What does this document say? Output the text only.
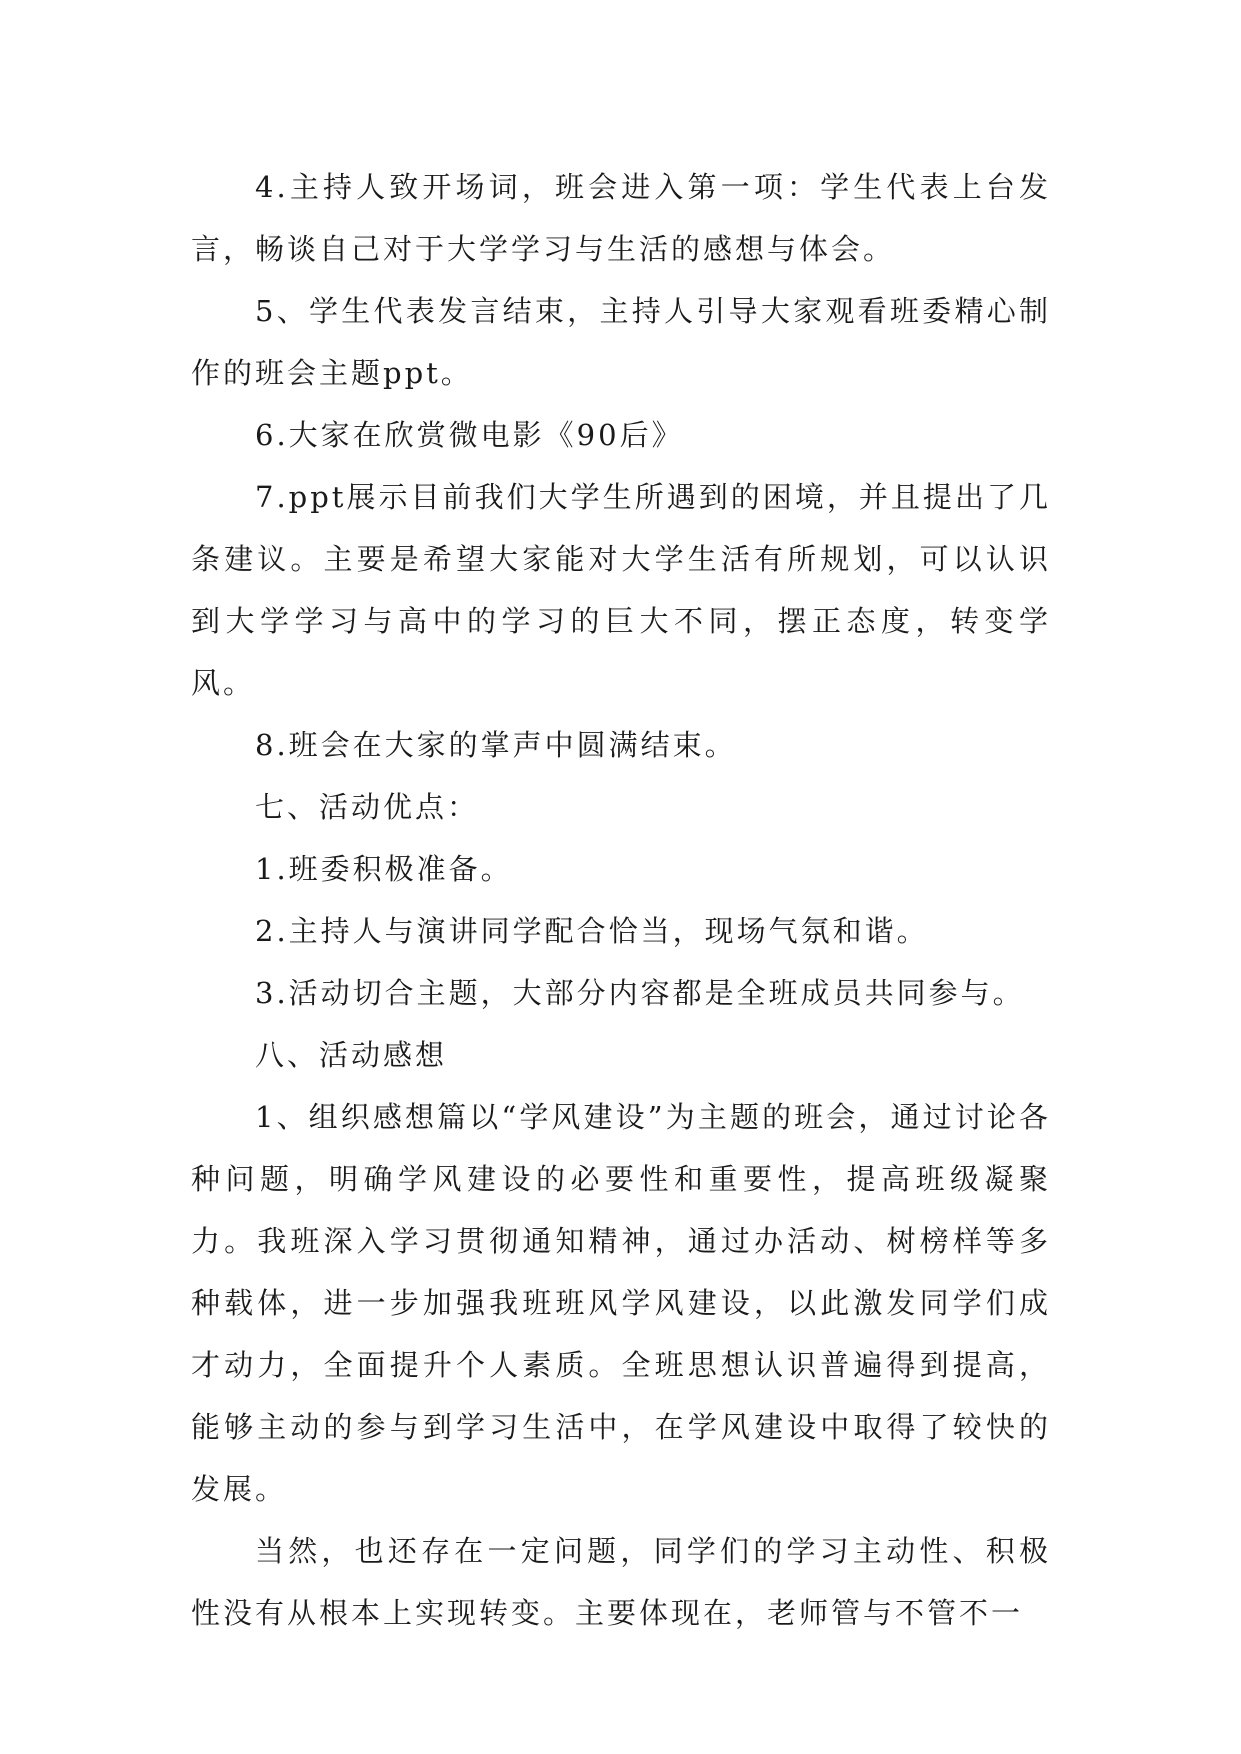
4.主持人致开场词，班会进入第一项：学生代表上台发言，畅谈自己对于大学学习与生活的感想与体会。

5、学生代表发言结束，主持人引导大家观看班委精心制作的班会主题ppt。

6.大家在欣赏微电影《90后》

7.ppt展示目前我们大学生所遇到的困境，并且提出了几条建议。主要是希望大家能对大学生活有所规划，可以认识到大学学习与高中的学习的巨大不同，摆正态度，转变学风。

8.班会在大家的掌声中圆满结束。

七、活动优点：

1.班委积极准备。

2.主持人与演讲同学配合恰当，现场气氛和谐。

3.活动切合主题，大部分内容都是全班成员共同参与。

八、活动感想

1、组织感想篇以“学风建设”为主题的班会，通过讨论各种问题，明确学风建设的必要性和重要性，提高班级凝聚力。我班深入学习贯彻通知精神，通过办活动、树榜样等多种载体，进一步加强我班班风学风建设，以此激发同学们成才动力，全面提升个人素质。全班思想认识普遍得到提高，能够主动的参与到学习生活中，在学风建设中取得了较快的发展。

当然，也还存在一定问题，同学们的学习主动性、积极性没有从根本上实现转变。主要体现在，老师管与不管不一
